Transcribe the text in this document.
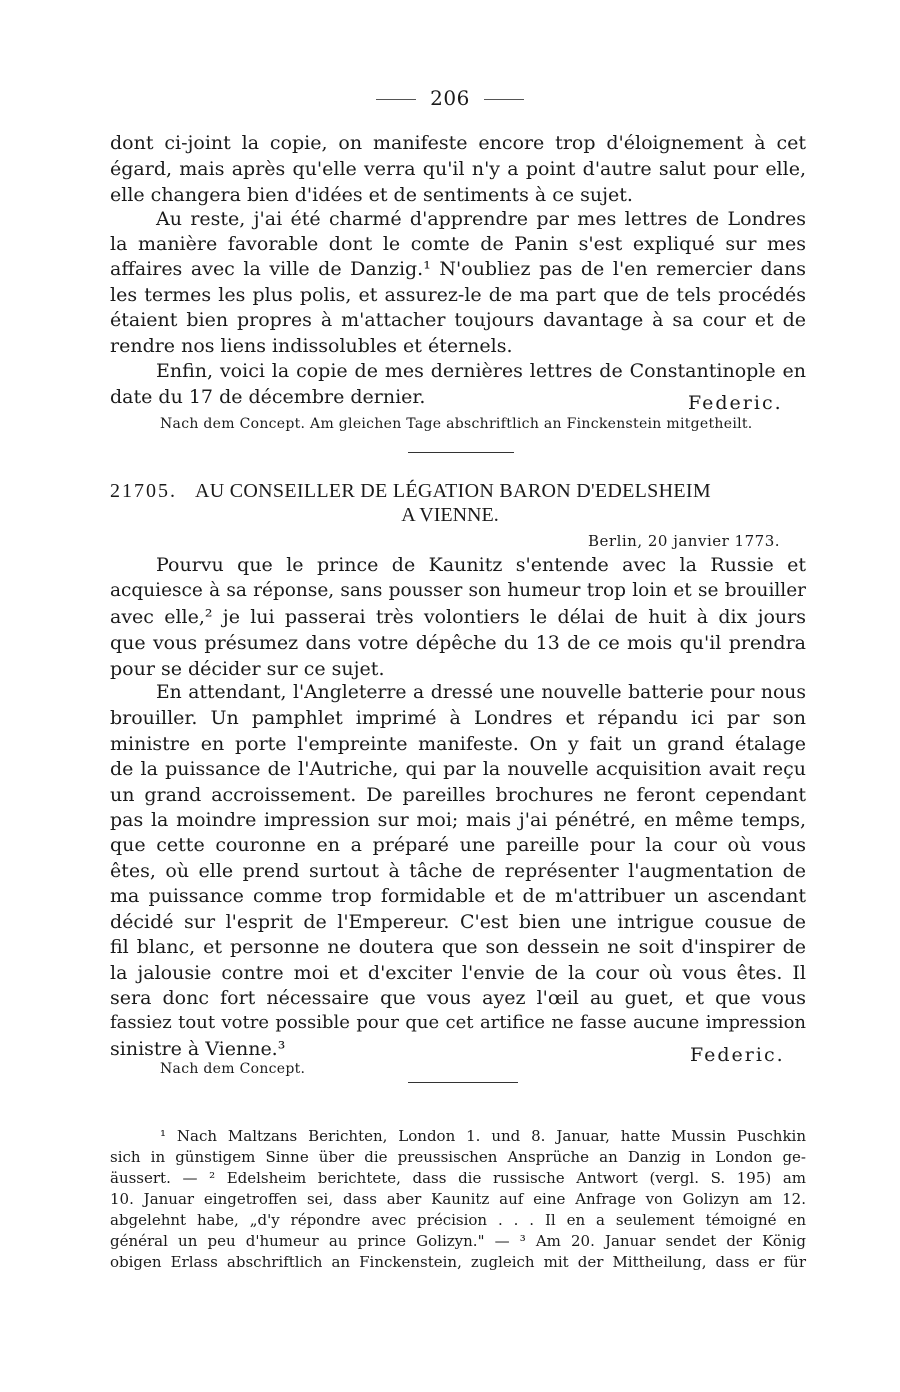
206
dont ci-joint la copie, on manifeste encore trop d'éloignement à cet
égard, mais après qu'elle verra qu'il n'y a point d'autre salut pour elle,
elle changera bien d'idées et de sentiments à ce sujet.
Au reste, j'ai été charmé d'apprendre par mes lettres de Londres
la manière favorable dont le comte de Panin s'est expliqué sur mes
affaires avec la ville de Danzig.¹ N'oubliez pas de l'en remercier dans
les termes les plus polis, et assurez-le de ma part que de tels procédés
étaient bien propres à m'attacher toujours davantage à sa cour et de
rendre nos liens indissolubles et éternels.
Enfin, voici la copie de mes dernières lettres de Constantinople en
date du 17 de décembre dernier.	Federic.
Nach dem Concept. Am gleichen Tage abschriftlich an Finckenstein mitgetheilt.
21705. AU CONSEILLER DE LÉGATION BARON D'EDELSHEIM
A VIENNE.
Berlin, 20 janvier 1773.
Pourvu que le prince de Kaunitz s'entende avec la Russie et
acquiesce à sa réponse, sans pousser son humeur trop loin et se brouiller
avec elle,² je lui passerai très volontiers le délai de huit à dix jours
que vous présumez dans votre dépêche du 13 de ce mois qu'il prendra
pour se décider sur ce sujet.
En attendant, l'Angleterre a dressé une nouvelle batterie pour nous
brouiller. Un pamphlet imprimé à Londres et répandu ici par son
ministre en porte l'empreinte manifeste. On y fait un grand étalage
de la puissance de l'Autriche, qui par la nouvelle acquisition avait reçu
un grand accroissement. De pareilles brochures ne feront cependant
pas la moindre impression sur moi; mais j'ai pénétré, en même temps,
que cette couronne en a préparé une pareille pour la cour où vous
êtes, où elle prend surtout à tâche de représenter l'augmentation de
ma puissance comme trop formidable et de m'attribuer un ascendant
décidé sur l'esprit de l'Empereur. C'est bien une intrigue cousue de
fil blanc, et personne ne doutera que son dessein ne soit d'inspirer de
la jalousie contre moi et d'exciter l'envie de la cour où vous êtes. Il
sera donc fort nécessaire que vous ayez l'œil au guet, et que vous
fassiez tout votre possible pour que cet artifice ne fasse aucune impression
sinistre à Vienne.³	Federic.
Nach dem Concept.
¹ Nach Maltzans Berichten, London 1. und 8. Januar, hatte Mussin Puschkin
sich in günstigem Sinne über die preussischen Ansprüche an Danzig in London ge-
äussert. — ² Edelsheim berichtete, dass die russische Antwort (vergl. S. 195) am
10. Januar eingetroffen sei, dass aber Kaunitz auf eine Anfrage von Golizyn am 12.
abgelehnt habe, „d'y répondre avec précision . . . Il en a seulement témoigné en
général un peu d'humeur au prince Golizyn." — ³ Am 20. Januar sendet der König
obigen Erlass abschriftlich an Finckenstein, zugleich mit der Mittheilung, dass er für
